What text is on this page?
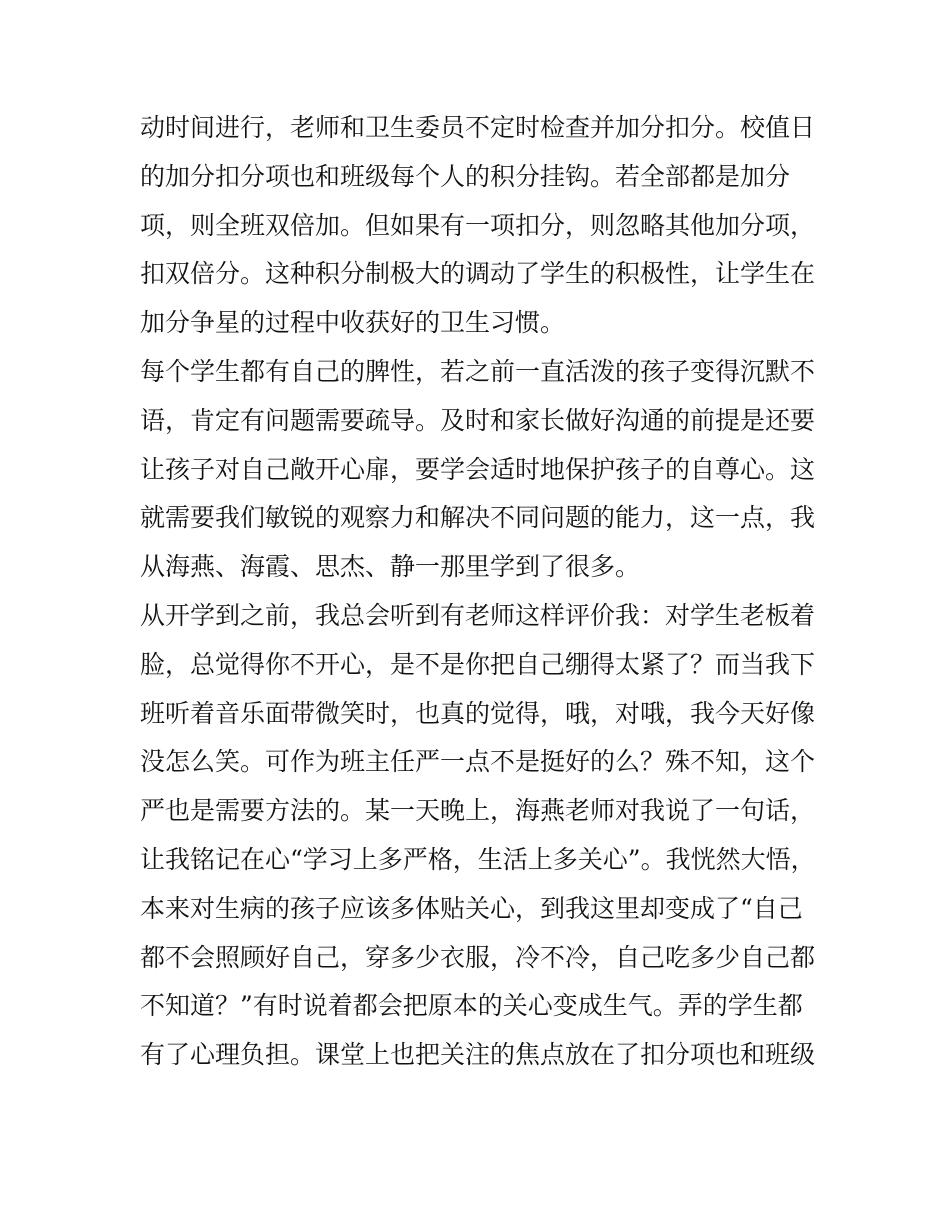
动时间进行，老师和卫生委员不定时检查并加分扣分。校值日
的加分扣分项也和班级每个人的积分挂钩。若全部都是加分
项，则全班双倍加。但如果有一项扣分，则忽略其他加分项，
扣双倍分。这种积分制极大的调动了学生的积极性，让学生在
加分争星的过程中收获好的卫生习惯。
每个学生都有自己的脾性，若之前一直活泼的孩子变得沉默不
语，肯定有问题需要疏导。及时和家长做好沟通的前提是还要
让孩子对自己敞开心扉，要学会适时地保护孩子的自尊心。这
就需要我们敏锐的观察力和解决不同问题的能力，这一点，我
从海燕、海霞、思杰、静一那里学到了很多。
从开学到之前，我总会听到有老师这样评价我：对学生老板着
脸，总觉得你不开心，是不是你把自己绷得太紧了？而当我下
班听着音乐面带微笑时，也真的觉得，哦，对哦，我今天好像
没怎么笑。可作为班主任严一点不是挺好的么？殊不知，这个
严也是需要方法的。某一天晚上，海燕老师对我说了一句话，
让我铭记在心“学习上多严格，生活上多关心”。我恍然大悟，
本来对生病的孩子应该多体贴关心，到我这里却变成了“自己
都不会照顾好自己，穿多少衣服，冷不冷，自己吃多少自己都
不知道？”有时说着都会把原本的关心变成生气。弄的学生都
有了心理负担。课堂上也把关注的焦点放在了扣分项也和班级
